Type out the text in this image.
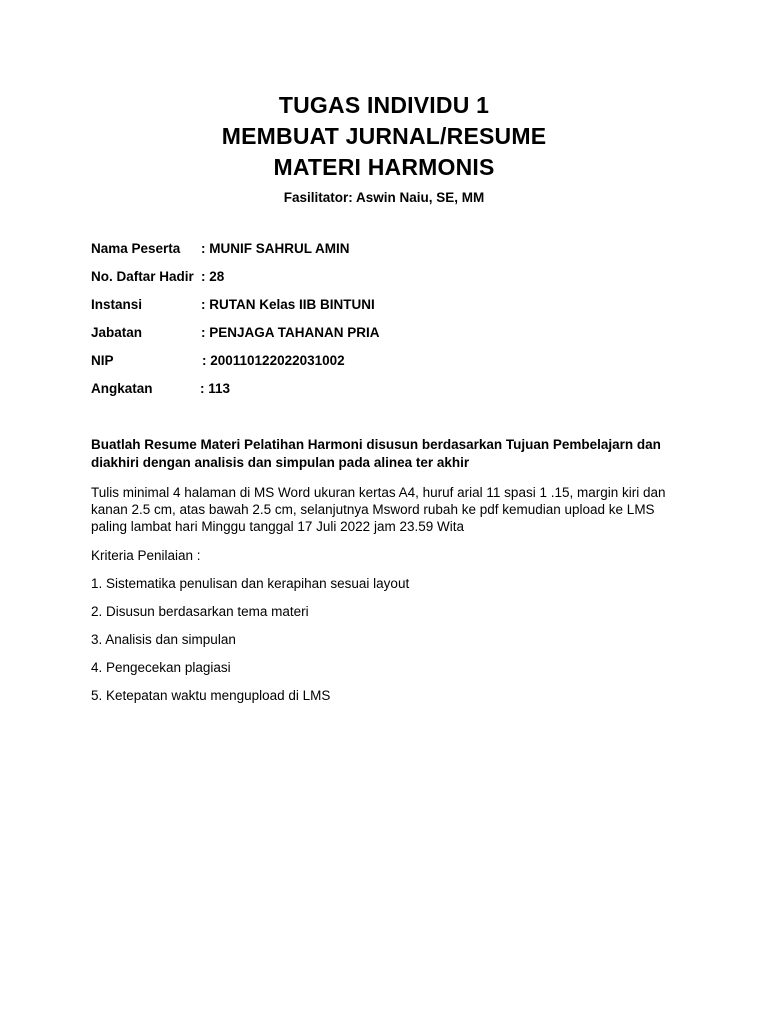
TUGAS INDIVIDU 1
MEMBUAT JURNAL/RESUME
MATERI HARMONIS
Fasilitator: Aswin Naiu, SE, MM
Nama Peserta : MUNIF SAHRUL AMIN
No. Daftar Hadir : 28
Instansi	: RUTAN Kelas IIB BINTUNI
Jabatan	: PENJAGA TAHANAN PRIA
NIP	: 200110122022031002
Angkatan	: 113
Buatlah Resume Materi Pelatihan Harmoni disusun berdasarkan Tujuan Pembelajarn dan diakhiri dengan analisis dan simpulan pada alinea ter akhir
Tulis minimal 4 halaman di MS Word ukuran kertas A4, huruf arial 11 spasi 1 .15, margin kiri dan kanan 2.5 cm, atas bawah 2.5 cm, selanjutnya Msword rubah ke pdf kemudian upload ke LMS paling lambat hari Minggu tanggal 17 Juli 2022 jam 23.59 Wita
Kriteria Penilaian :
1. Sistematika penulisan dan kerapihan sesuai layout
2. Disusun berdasarkan tema materi
3. Analisis dan simpulan
4. Pengecekan plagiasi
5. Ketepatan waktu mengupload di LMS
